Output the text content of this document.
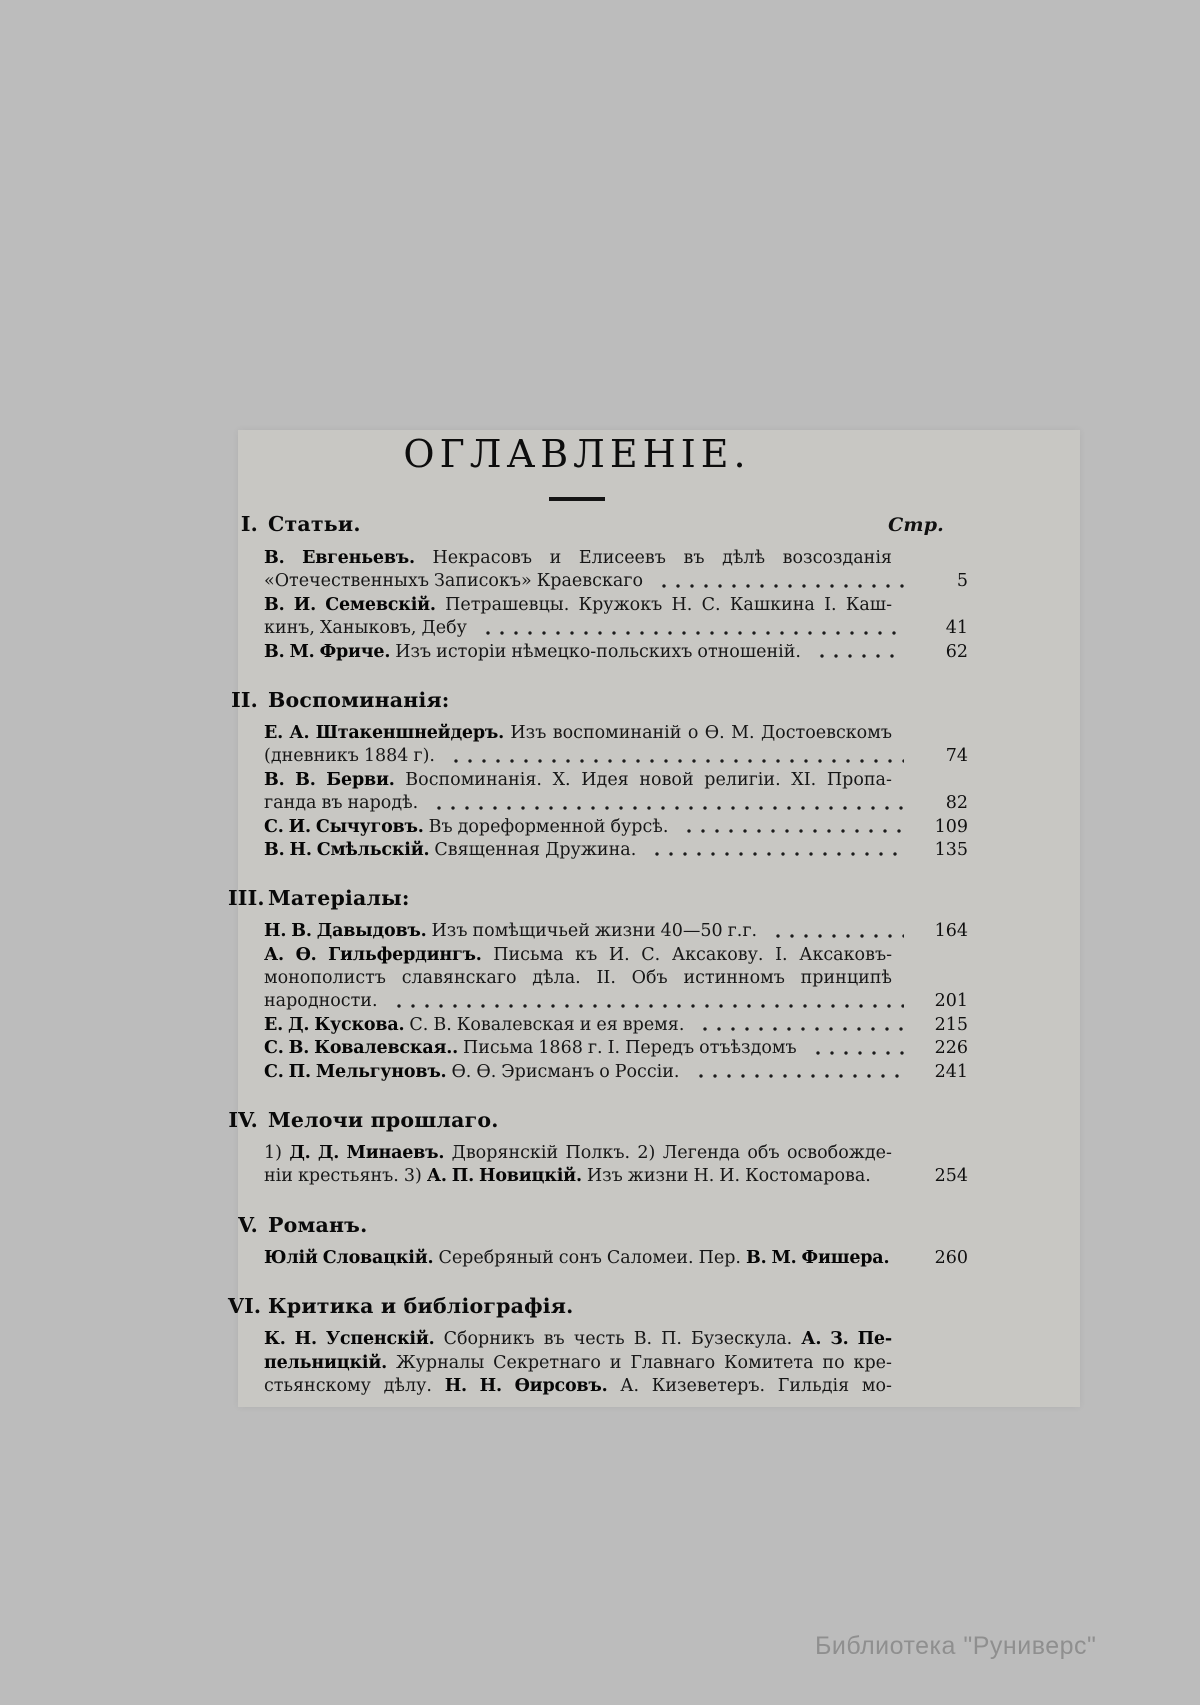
ОГЛАВЛЕНІЕ.
I. Статьи.	Стр.
В. Евгеньевъ. Некрасовъ и Елисеевъ въ дѣлѣ возсозданія
«Отечественныхъ Записокъ» Краевскаго	5
В. И. Семевскій. Петрашевцы. Кружокъ Н. С. Кашкина І. Каш-
кинъ, Ханыковъ, Дебу	41
В. М. Фриче. Изъ исторіи нѣмецко-польскихъ отношеній.	62
II. Воспоминанія:
Е. А. Штакеншнейдеръ. Изъ воспоминаній о Ѳ. М. Достоевскомъ
(дневникъ 1884 г).	74
В. В. Берви. Воспоминанія. X. Идея новой религіи. XI. Пропа-
ганда въ народѣ.	82
С. И. Сычуговъ. Въ дореформенной бурсѣ.	109
В. Н. Смѣльскій. Священная Дружина.	135
III. Матеріалы:
Н. В. Давыдовъ. Изъ помѣщичьей жизни 40—50 г.г.	164
А. Ѳ. Гильфердингъ. Письма къ И. С. Аксакову. І. Аксаковъ-
монополистъ славянскаго дѣла. ІІ. Объ истинномъ принципѣ
народности.	201
Е. Д. Кускова. С. В. Ковалевская и ея время.	215
С. В. Ковалевская.. Письма 1868 г. І. Передъ отъѣздомъ	226
С. П. Мельгуновъ. Ѳ. Ѳ. Эрисманъ о Россіи.	241
IV. Мелочи прошлаго.
1) Д. Д. Минаевъ. Дворянскій Полкъ. 2) Легенда объ освобожде-
ніи крестьянъ. 3) А. П. Новицкій. Изъ жизни Н. И. Костомарова.	254
V. Романъ.
Юлій Словацкій. Серебряный сонъ Саломеи. Пер. В. М. Фишера.	260
VI. Критика и библіографія.
К. Н. Успенскій. Сборникъ въ честь В. П. Бузескула. А. З. Пе-
пельницкій. Журналы Секретнаго и Главнаго Комитета по кре-
стьянскому дѣлу. Н. Н. Ѳирсовъ. А. Кизеветеръ. Гильдія мо-
Библиотека "Руниверс"
